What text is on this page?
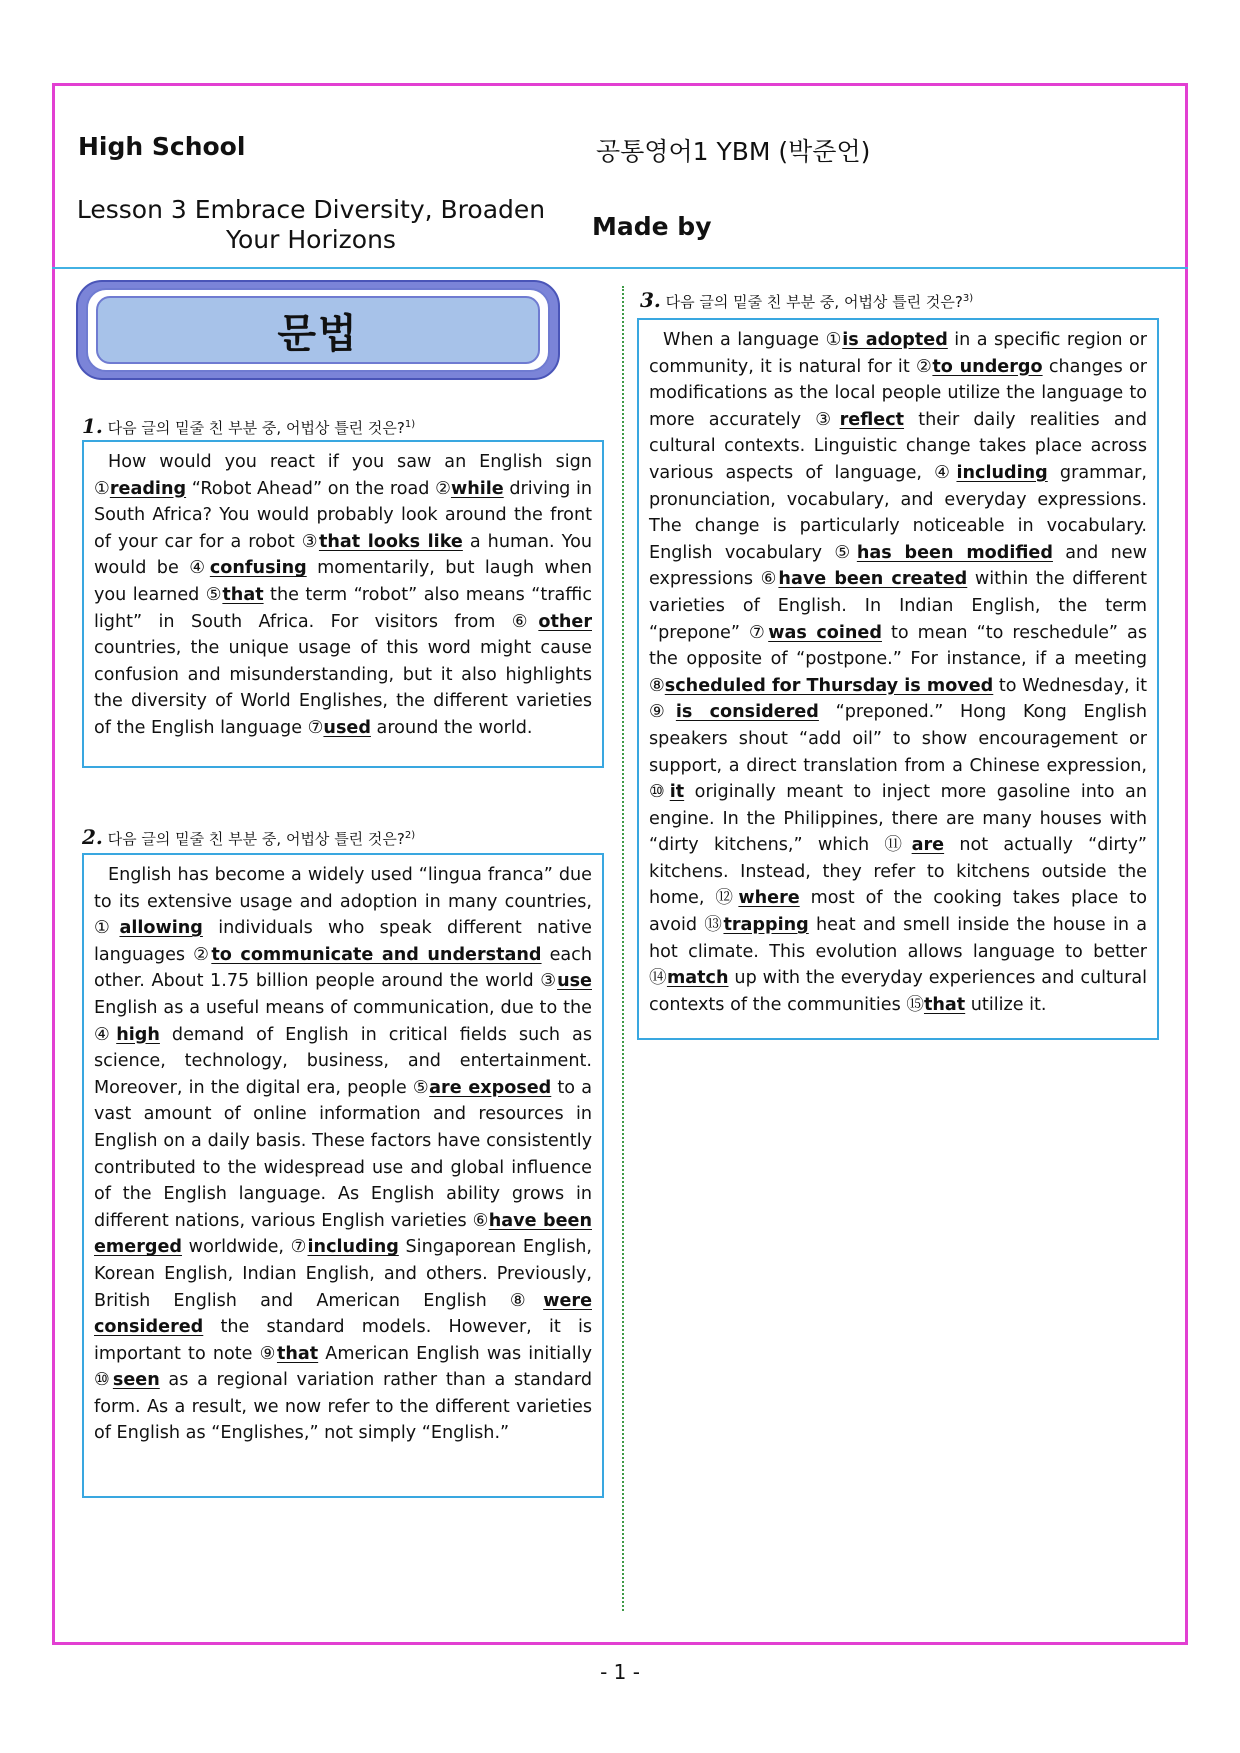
High School	공통영어1 YBM (박준언)
Lesson 3 Embrace Diversity, Broaden Your Horizons	Made by
문법
1. 다음 글의 밑줄 친 부분 중, 어법상 틀린 것은?$^{1)}$
How would you react if you saw an English sign ①reading “Robot Ahead” on the road ②while driving in South Africa? You would probably look around the front of your car for a robot ③that looks like a human. You would be ④confusing momentarily, but laugh when you learned ⑤that the term “robot” also means “traffic light” in South Africa. For visitors from ⑥other countries, the unique usage of this word might cause confusion and misunderstanding, but it also highlights the diversity of World Englishes, the different varieties of the English language ⑦used around the world.
2. 다음 글의 밑줄 친 부분 중, 어법상 틀린 것은?$^{2)}$
English has become a widely used “lingua franca” due to its extensive usage and adoption in many countries, ①allowing individuals who speak different native languages ②to communicate and understand each other. About 1.75 billion people around the world ③use English as a useful means of communication, due to the ④high demand of English in critical fields such as science, technology, business, and entertainment. Moreover, in the digital era, people ⑤are exposed to a vast amount of online information and resources in English on a daily basis. These factors have consistently contributed to the widespread use and global influence of the English language. As English ability grows in different nations, various English varieties ⑥have been emerged worldwide, ⑦including Singaporean English, Korean English, Indian English, and others. Previously, British English and American English ⑧were considered the standard models. However, it is important to note ⑨that American English was initially ⑩seen as a regional variation rather than a standard form. As a result, we now refer to the different varieties of English as “Englishes,” not simply “English.”
3. 다음 글의 밑줄 친 부분 중, 어법상 틀린 것은?$^{3)}$
When a language ①is adopted in a specific region or community, it is natural for it ②to undergo changes or modifications as the local people utilize the language to more accurately ③reflect their daily realities and cultural contexts. Linguistic change takes place across various aspects of language, ④including grammar, pronunciation, vocabulary, and everyday expressions. The change is particularly noticeable in vocabulary. English vocabulary ⑤has been modified and new expressions ⑥have been created within the different varieties of English. In Indian English, the term “prepone” ⑦was coined to mean “to reschedule” as the opposite of “postpone.” For instance, if a meeting ⑧scheduled for Thursday is moved to Wednesday, it ⑨is considered “preponed.” Hong Kong English speakers shout “add oil” to show encouragement or support, a direct translation from a Chinese expression, ⑩it originally meant to inject more gasoline into an engine. In the Philippines, there are many houses with “dirty kitchens,” which ⑪are not actually “dirty” kitchens. Instead, they refer to kitchens outside the home, ⑫where most of the cooking takes place to avoid ⑬trapping heat and smell inside the house in a hot climate. This evolution allows language to better ⑭match up with the everyday experiences and cultural contexts of the communities ⑮that utilize it.
- 1 -
